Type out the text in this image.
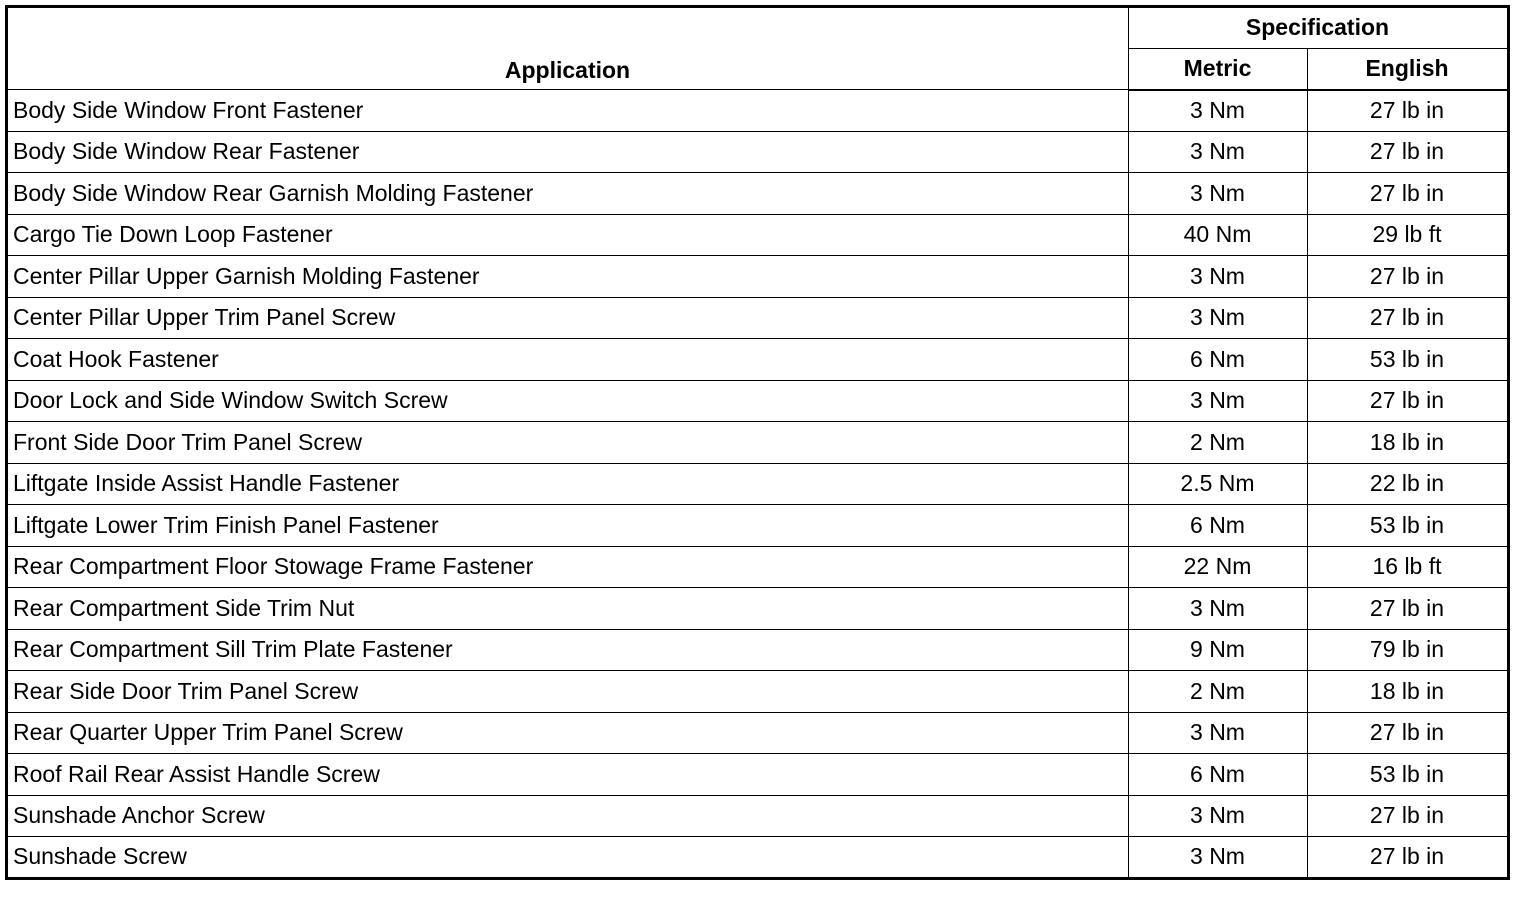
Application	Specification	
	Metric	English
Body Side Window Front Fastener	3 Nm	27 lb in
Body Side Window Rear Fastener	3 Nm	27 lb in
Body Side Window Rear Garnish Molding Fastener	3 Nm	27 lb in
Cargo Tie Down Loop Fastener	40 Nm	29 lb ft
Center Pillar Upper Garnish Molding Fastener	3 Nm	27 lb in
Center Pillar Upper Trim Panel Screw	3 Nm	27 lb in
Coat Hook Fastener	6 Nm	53 lb in
Door Lock and Side Window Switch Screw	3 Nm	27 lb in
Front Side Door Trim Panel Screw	2 Nm	18 lb in
Liftgate Inside Assist Handle Fastener	2.5 Nm	22 lb in
Liftgate Lower Trim Finish Panel Fastener	6 Nm	53 lb in
Rear Compartment Floor Stowage Frame Fastener	22 Nm	16 lb ft
Rear Compartment Side Trim Nut	3 Nm	27 lb in
Rear Compartment Sill Trim Plate Fastener	9 Nm	79 lb in
Rear Side Door Trim Panel Screw	2 Nm	18 lb in
Rear Quarter Upper Trim Panel Screw	3 Nm	27 lb in
Roof Rail Rear Assist Handle Screw	6 Nm	53 lb in
Sunshade Anchor Screw	3 Nm	27 lb in
Sunshade Screw	3 Nm	27 lb in
